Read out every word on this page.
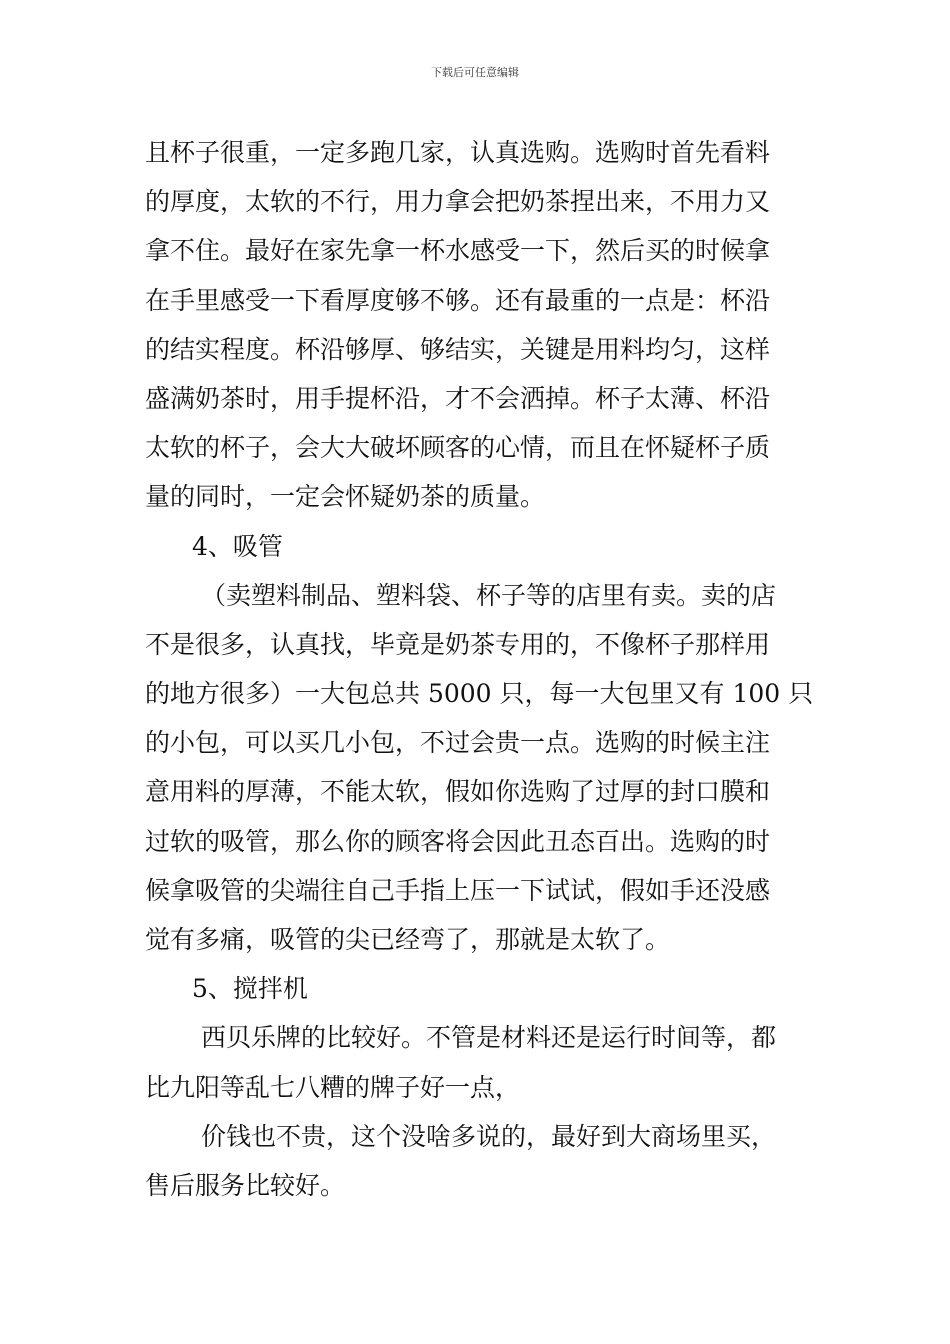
下载后可任意编辑
且杯子很重，一定多跑几家，认真选购。选购时首先看料
的厚度，太软的不行，用力拿会把奶茶捏出来，不用力又
拿不住。最好在家先拿一杯水感受一下，然后买的时候拿
在手里感受一下看厚度够不够。还有最重的一点是：杯沿
的结实程度。杯沿够厚、够结实，关键是用料均匀，这样
盛满奶茶时，用手提杯沿，才不会洒掉。杯子太薄、杯沿
太软的杯子，会大大破坏顾客的心情，而且在怀疑杯子质
量的同时，一定会怀疑奶茶的质量。
4、吸管
（卖塑料制品、塑料袋、杯子等的店里有卖。卖的店
不是很多，认真找，毕竟是奶茶专用的，不像杯子那样用
的地方很多）一大包总共 5000 只，每一大包里又有 100 只
的小包，可以买几小包，不过会贵一点。选购的时候主注
意用料的厚薄，不能太软，假如你选购了过厚的封口膜和
过软的吸管，那么你的顾客将会因此丑态百出。选购的时
候拿吸管的尖端往自己手指上压一下试试，假如手还没感
觉有多痛，吸管的尖已经弯了，那就是太软了。
5、搅拌机
西贝乐牌的比较好。不管是材料还是运行时间等，都
比九阳等乱七八糟的牌子好一点，
价钱也不贵，这个没啥多说的，最好到大商场里买，
售后服务比较好。
